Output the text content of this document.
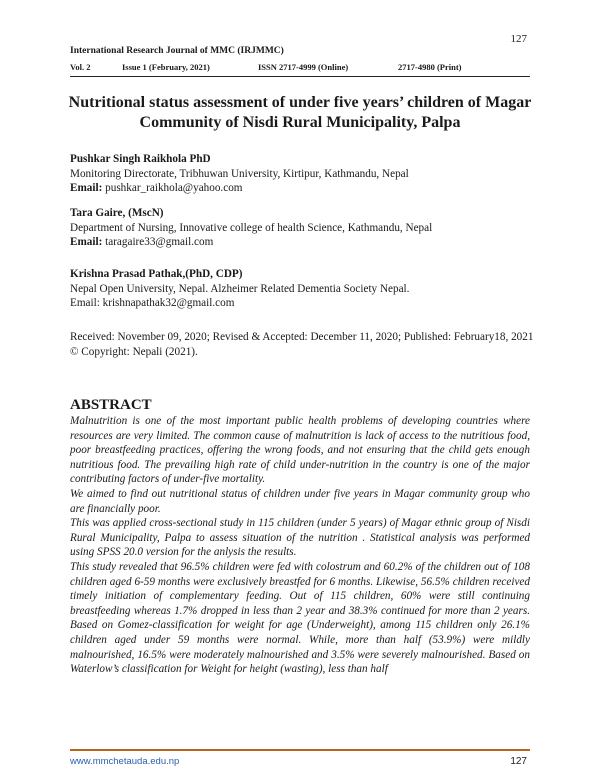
127
International Research Journal of MMC (IRJMMC)
Vol. 2	Issue 1 (February, 2021)	ISSN 2717-4999 (Online)	2717-4980 (Print)
Nutritional status assessment of under five years’ children of Magar Community of Nisdi Rural Municipality, Palpa
Pushkar Singh Raikhola PhD
Monitoring Directorate, Tribhuwan University, Kirtipur, Kathmandu, Nepal
Email: pushkar_raikhola@yahoo.com
Tara Gaire, (MscN)
Department of Nursing, Innovative college of health Science, Kathmandu, Nepal
Email: taragaire33@gmail.com
Krishna Prasad Pathak,(PhD, CDP)
Nepal Open University, Nepal. Alzheimer Related Dementia Society Nepal.
Email: krishnapathak32@gmail.com
Received: November 09, 2020; Revised & Accepted: December 11, 2020; Published: February18, 2021
© Copyright: Nepali (2021).
ABSTRACT

Malnutrition is one of the most important public health problems of developing countries where resources are very limited. The common cause of malnutrition is lack of access to the nutritious food, poor breastfeeding practices, offering the wrong foods, and not ensuring that the child gets enough nutritious food. The prevailing high rate of child under-nutrition in the country is one of the major contributing factors of under-five mortality.

We aimed to find out nutritional status of children under five years in Magar community group who are financially poor.

This was applied cross-sectional study in 115 children (under 5 years) of Magar ethnic group of Nisdi Rural Municipality, Palpa to assess situation of the nutrition . Statistical analysis was performed using SPSS 20.0 version for the anlysis the results.

This study revealed that 96.5% children were fed with colostrum and 60.2% of the children out of 108 children aged 6-59 months were exclusively breastfed for 6 months. Likewise, 56.5% children received timely initiation of complementary feeding. Out of 115 children, 60% were still continuing breastfeeding whereas 1.7% dropped in less than 2 year and 38.3% continued for more than 2 years. Based on Gomez-classification for weight for age (Underweight), among 115 children only 26.1% children aged under 59 months were normal. While, more than half (53.9%) were mildly malnourished, 16.5% were moderately malnourished and 3.5% were severely malnourished. Based on Waterlow’s classification for Weight for height (wasting), less than half

www.mmchetauda.edu.np	127
